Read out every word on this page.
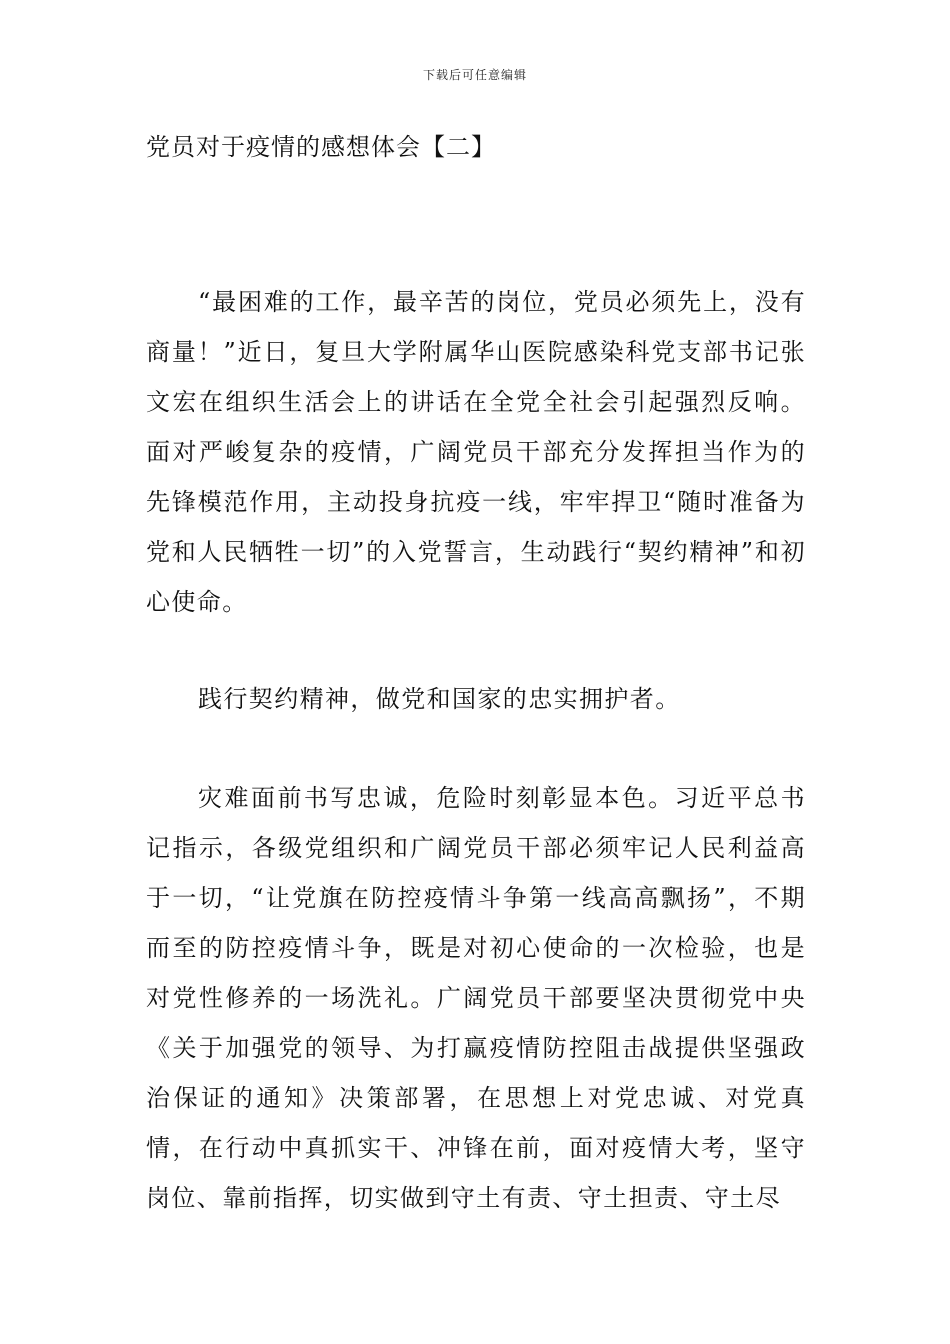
下载后可任意编辑
党员对于疫情的感想体会【二】

“最困难的工作，最辛苦的岗位，党员必须先上，没有商量！”近日，复旦大学附属华山医院感染科党支部书记张文宏在组织生活会上的讲话在全党全社会引起强烈反响。面对严峻复杂的疫情，广阔党员干部充分发挥担当作为的先锋模范作用，主动投身抗疫一线，牢牢捍卫“随时准备为党和人民牺牲一切”的入党誓言，生动践行“契约精神”和初心使命。

践行契约精神，做党和国家的忠实拥护者。

灾难面前书写忠诚，危险时刻彰显本色。习近平总书记指示，各级党组织和广阔党员干部必须牢记人民利益高于一切，“让党旗在防控疫情斗争第一线高高飘扬”，不期而至的防控疫情斗争，既是对初心使命的一次检验，也是对党性修养的一场洗礼。广阔党员干部要坚决贯彻党中央《关于加强党的领导、为打赢疫情防控阻击战提供坚强政治保证的通知》决策部署，在思想上对党忠诚、对党真情，在行动中真抓实干、冲锋在前，面对疫情大考，坚守岗位、靠前指挥，切实做到守土有责、守土担责、守土尽
